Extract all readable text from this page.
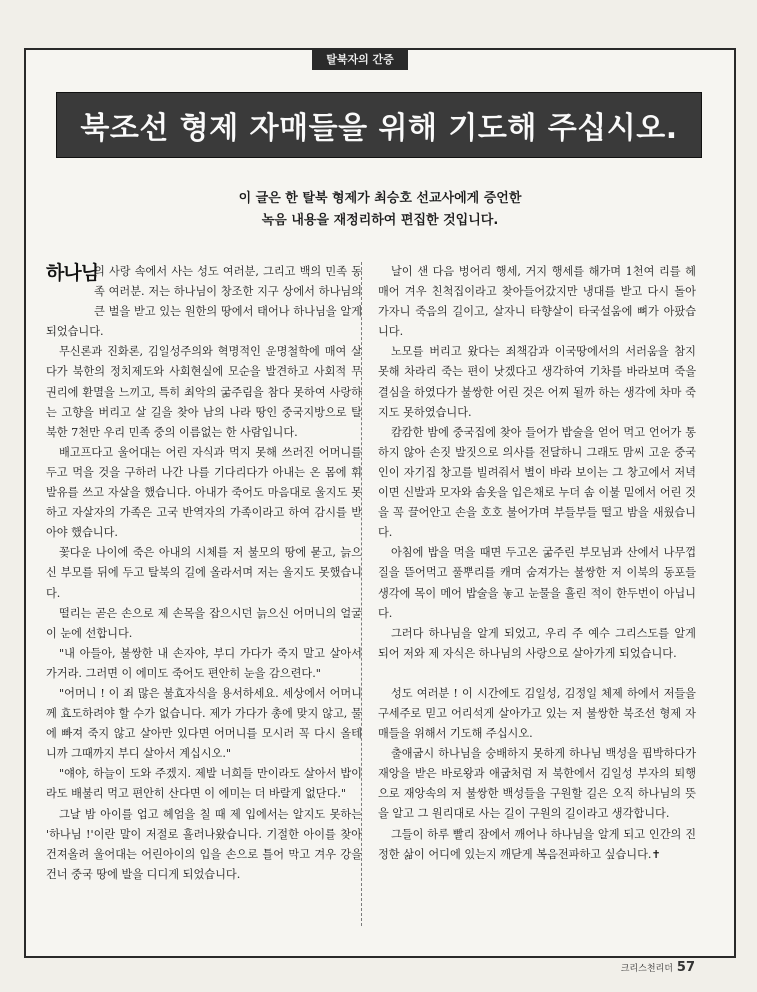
탈북자의 간증
북조선 형제 자매들을 위해 기도해 주십시오.
이 글은 한 탈북 형제가 최승호 선교사에게 증언한
녹음 내용을 재정리하여 편집한 것입니다.

하나님
의 사랑 속에서 사는 성도 여러분, 그리고 백의 민족 동족 여러분. 저는 하나님이 창조한 지구 상에서 하나님의 큰 벌을 받고 있는 원한의 땅에서 태어나 하나님을 알게 되었습니다.

무신론과 진화론, 김일성주의와 혁명적인 운명철학에 매여 살다가 북한의 정치제도와 사회현실에 모순을 발견하고 사회적 무권리에 환멸을 느끼고, 특히 최악의 굶주림을 참다 못하여 사랑하는 고향을 버리고 살 길을 찾아 남의 나라 땅인 중국지방으로 탈북한 7천만 우리 민족 중의 이름없는 한 사람입니다.

배고프다고 울어대는 어린 자식과 먹지 못해 쓰러진 어머니를 두고 먹을 것을 구하러 나간 나를 기다리다가 아내는 온 몸에 휘발유를 쓰고 자살을 했습니다. 아내가 죽어도 마음대로 울지도 못하고 자살자의 가족은 고국 반역자의 가족이라고 하여 감시를 받아야 했습니다.

꽃다운 나이에 죽은 아내의 시체를 저 불모의 땅에 묻고, 늙으신 부모를 뒤에 두고 탈북의 길에 올라서며 저는 울지도 못했습니다.

떨리는 곧은 손으로 제 손목을 잡으시던 늙으신 어머니의 얼굴이 눈에 선합니다.

"내 아들아, 불쌍한 내 손자야, 부디 가다가 죽지 말고 살아서 가거라. 그러면 이 에미도 죽어도 편안히 눈을 감으련다."

"어머니 ! 이 죄 많은 불효자식을 용서하세요. 세상에서 어머니께 효도하려야 할 수가 없습니다. 제가 가다가 총에 맞지 않고, 물에 빠져 죽지 않고 살아만 있다면 어머니를 모시러 꼭 다시 올테니까 그때까지 부디 살아서 계십시오."

"얘야, 하늘이 도와 주겠지. 제발 너희들 만이라도 살아서 밥이라도 배불리 먹고 편안히 산다면 이 에미는 더 바랄게 없단다."

그날 밤 아이를 업고 헤엄을 칠 때 제 입에서는 알지도 못하는 '하나님 !'이란 말이 저절로 흘러나왔습니다. 기절한 아이를 찾아 건져올려 울어대는 어린아이의 입을 손으로 틀어 막고 겨우 강을 건너 중국 땅에 발을 디디게 되었습니다.

날이 샌 다음 벙어리 행세, 거지 행세를 해가며 1천여 리를 헤매어 겨우 친척집이라고 찾아들어갔지만 냉대를 받고 다시 돌아 가자니 죽음의 길이고, 살자니 타향살이 타국설움에 뼈가 아팠습니다.

노모를 버리고 왔다는 죄책감과 이국땅에서의 서러움을 참지 못해 차라리 죽는 편이 낫겠다고 생각하여 기차를 바라보며 죽을 결심을 하였다가 불쌍한 어린 것은 어찌 될까 하는 생각에 차마 죽지도 못하였습니다.

캄캄한 밤에 중국집에 찾아 들어가 밥술을 얻어 먹고 언어가 통하지 않아 손짓 발짓으로 의사를 전달하니 그래도 맘씨 고운 중국인이 자기집 창고를 빌려줘서 별이 바라 보이는 그 창고에서 저녁이면 신발과 모자와 솜옷을 입은채로 누더 솜 이불 밑에서 어린 것을 꼭 끌어안고 손을 호호 불어가며 부들부들 떨고 밤을 새웠습니다.

아침에 밥을 먹을 때면 두고온 굶주린 부모님과 산에서 나무껍질을 뜯어먹고 풀뿌리를 캐며 숨져가는 불쌍한 저 이북의 동포들 생각에 목이 메어 밥술을 놓고 눈물을 흘린 적이 한두번이 아닙니다.

그러다 하나님을 알게 되었고, 우리 주 예수 그리스도를 알게 되어 저와 제 자식은 하나님의 사랑으로 살아가게 되었습니다.

성도 여러분 ! 이 시간에도 김일성, 김정일 체제 하에서 저들을 구세주로 믿고 어리석게 살아가고 있는 저 불쌍한 북조선 형제 자매들을 위해서 기도해 주십시오.

출애굽시 하나님을 숭배하지 못하게 하나님 백성을 핍박하다가 재앙을 받은 바로왕과 애굽처럼 저 북한에서 김일성 부자의 퇴행으로 재앙속의 저 불쌍한 백성들을 구원할 길은 오직 하나님의 뜻을 알고 그 원리대로 사는 길이 구원의 길이라고 생각합니다.

그들이 하루 빨리 잠에서 깨어나 하나님을 알게 되고 인간의 진정한 삶이 어디에 있는지 깨닫게 복음전파하고 싶습니다.✝

크리스천리더 57
